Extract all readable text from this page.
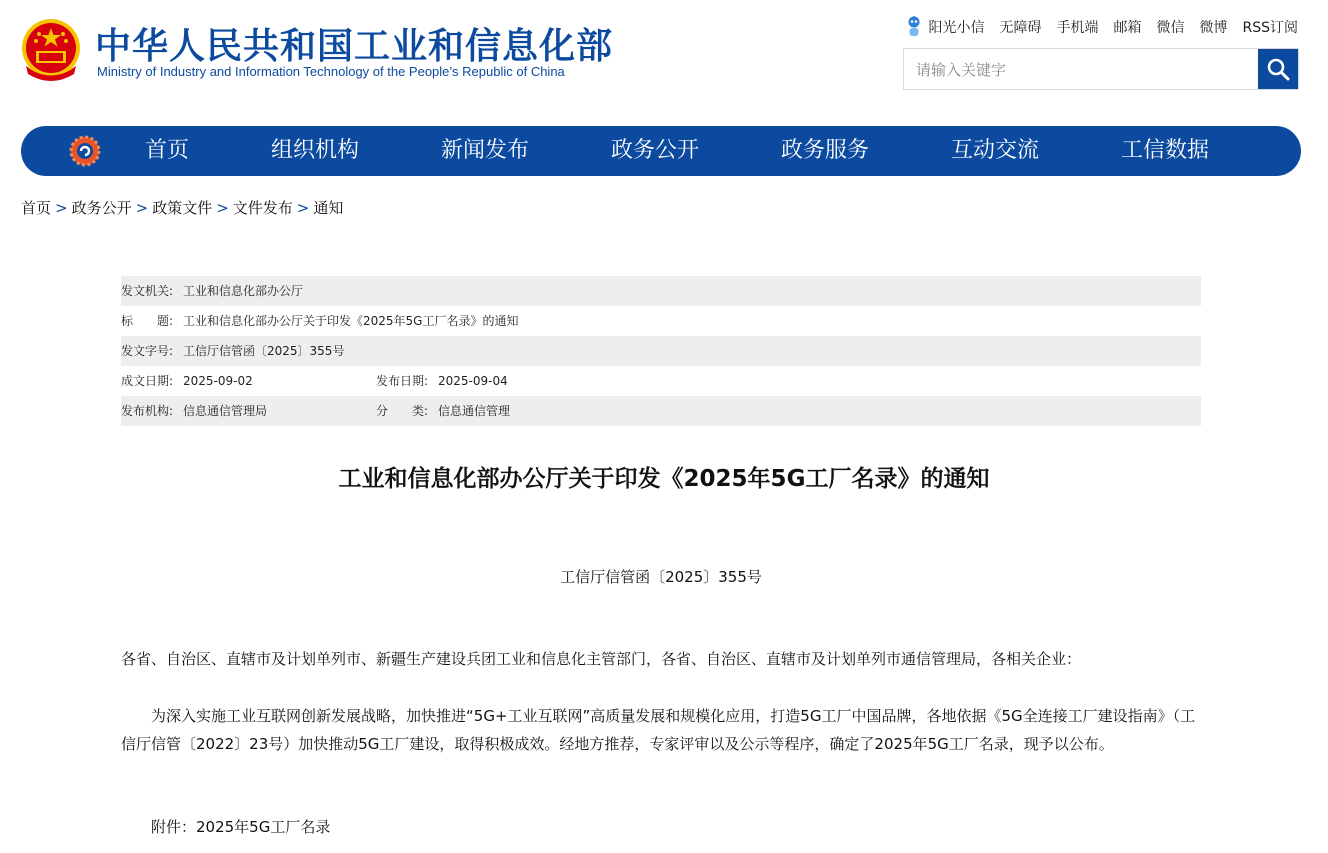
中华人民共和国工业和信息化部
Ministry of Industry and Information Technology of the People’s Republic of China
阳光小信 无障碍 手机端 邮箱 微信 微博 RSS订阅
请输入关键字
首页	组织机构	新闻发布	政务公开	政务服务	互动交流	工信数据
首页 > 政务公开 > 政策文件 > 文件发布 > 通知
发文机关: 工业和信息化部办公厅
标　　题: 工业和信息化部办公厅关于印发《2025年5G工厂名录》的通知
发文字号: 工信厅信管函〔2025〕355号
成文日期: 2025-09-02	发布日期: 2025-09-04
发布机构: 信息通信管理局	分　　类: 信息通信管理
工业和信息化部办公厅关于印发《2025年5G工厂名录》的通知
工信厅信管函〔2025〕355号
各省、自治区、直辖市及计划单列市、新疆生产建设兵团工业和信息化主管部门，各省、自治区、直辖市及计划单列市通信管理局，各相关企业：
　　为深入实施工业互联网创新发展战略，加快推进“5G+工业互联网”高质量发展和规模化应用，打造5G工厂中国品牌，各地依据《5G全连接工厂建设指南》（工信厅信管〔2022〕23号）加快推动5G工厂建设，取得积极成效。经地方推荐，专家评审以及公示等程序，确定了2025年5G工厂名录，现予以公布。
　　附件：2025年5G工厂名录
